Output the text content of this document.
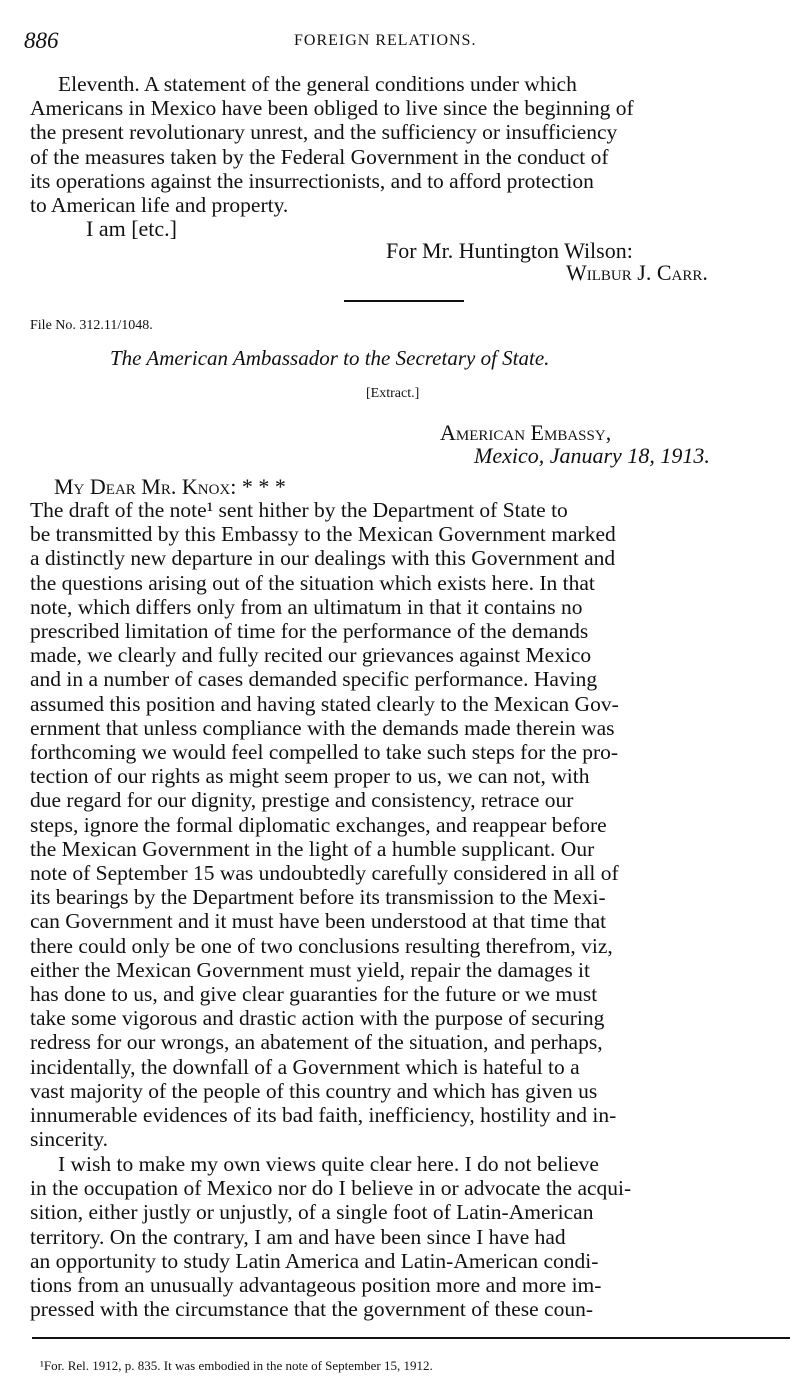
886	FOREIGN RELATIONS.
Eleventh. A statement of the general conditions under which
Americans in Mexico have been obliged to live since the beginning of
the present revolutionary unrest, and the sufficiency or insufficiency
of the measures taken by the Federal Government in the conduct of
its operations against the insurrectionists, and to afford protection
to American life and property.
I am [etc.]
For Mr. Huntington Wilson:
Wilbur J. Carr.
File No. 312.11/1048.
The American Ambassador to the Secretary of State.
[Extract.]
American Embassy,
Mexico, January 18, 1913.
My Dear Mr. Knox: * * *
The draft of the note¹ sent hither by the Department of State to
be transmitted by this Embassy to the Mexican Government marked
a distinctly new departure in our dealings with this Government and
the questions arising out of the situation which exists here. In that
note, which differs only from an ultimatum in that it contains no
prescribed limitation of time for the performance of the demands
made, we clearly and fully recited our grievances against Mexico
and in a number of cases demanded specific performance. Having
assumed this position and having stated clearly to the Mexican Gov-
ernment that unless compliance with the demands made therein was
forthcoming we would feel compelled to take such steps for the pro-
tection of our rights as might seem proper to us, we can not, with
due regard for our dignity, prestige and consistency, retrace our
steps, ignore the formal diplomatic exchanges, and reappear before
the Mexican Government in the light of a humble supplicant. Our
note of September 15 was undoubtedly carefully considered in all of
its bearings by the Department before its transmission to the Mexi-
can Government and it must have been understood at that time that
there could only be one of two conclusions resulting therefrom, viz,
either the Mexican Government must yield, repair the damages it
has done to us, and give clear guaranties for the future or we must
take some vigorous and drastic action with the purpose of securing
redress for our wrongs, an abatement of the situation, and perhaps,
incidentally, the downfall of a Government which is hateful to a
vast majority of the people of this country and which has given us
innumerable evidences of its bad faith, inefficiency, hostility and in-
sincerity.
I wish to make my own views quite clear here. I do not believe
in the occupation of Mexico nor do I believe in or advocate the acqui-
sition, either justly or unjustly, of a single foot of Latin-American
territory. On the contrary, I am and have been since I have had
an opportunity to study Latin America and Latin-American condi-
tions from an unusually advantageous position more and more im-
pressed with the circumstance that the government of these coun-
¹For. Rel. 1912, p. 835. It was embodied in the note of September 15, 1912.
